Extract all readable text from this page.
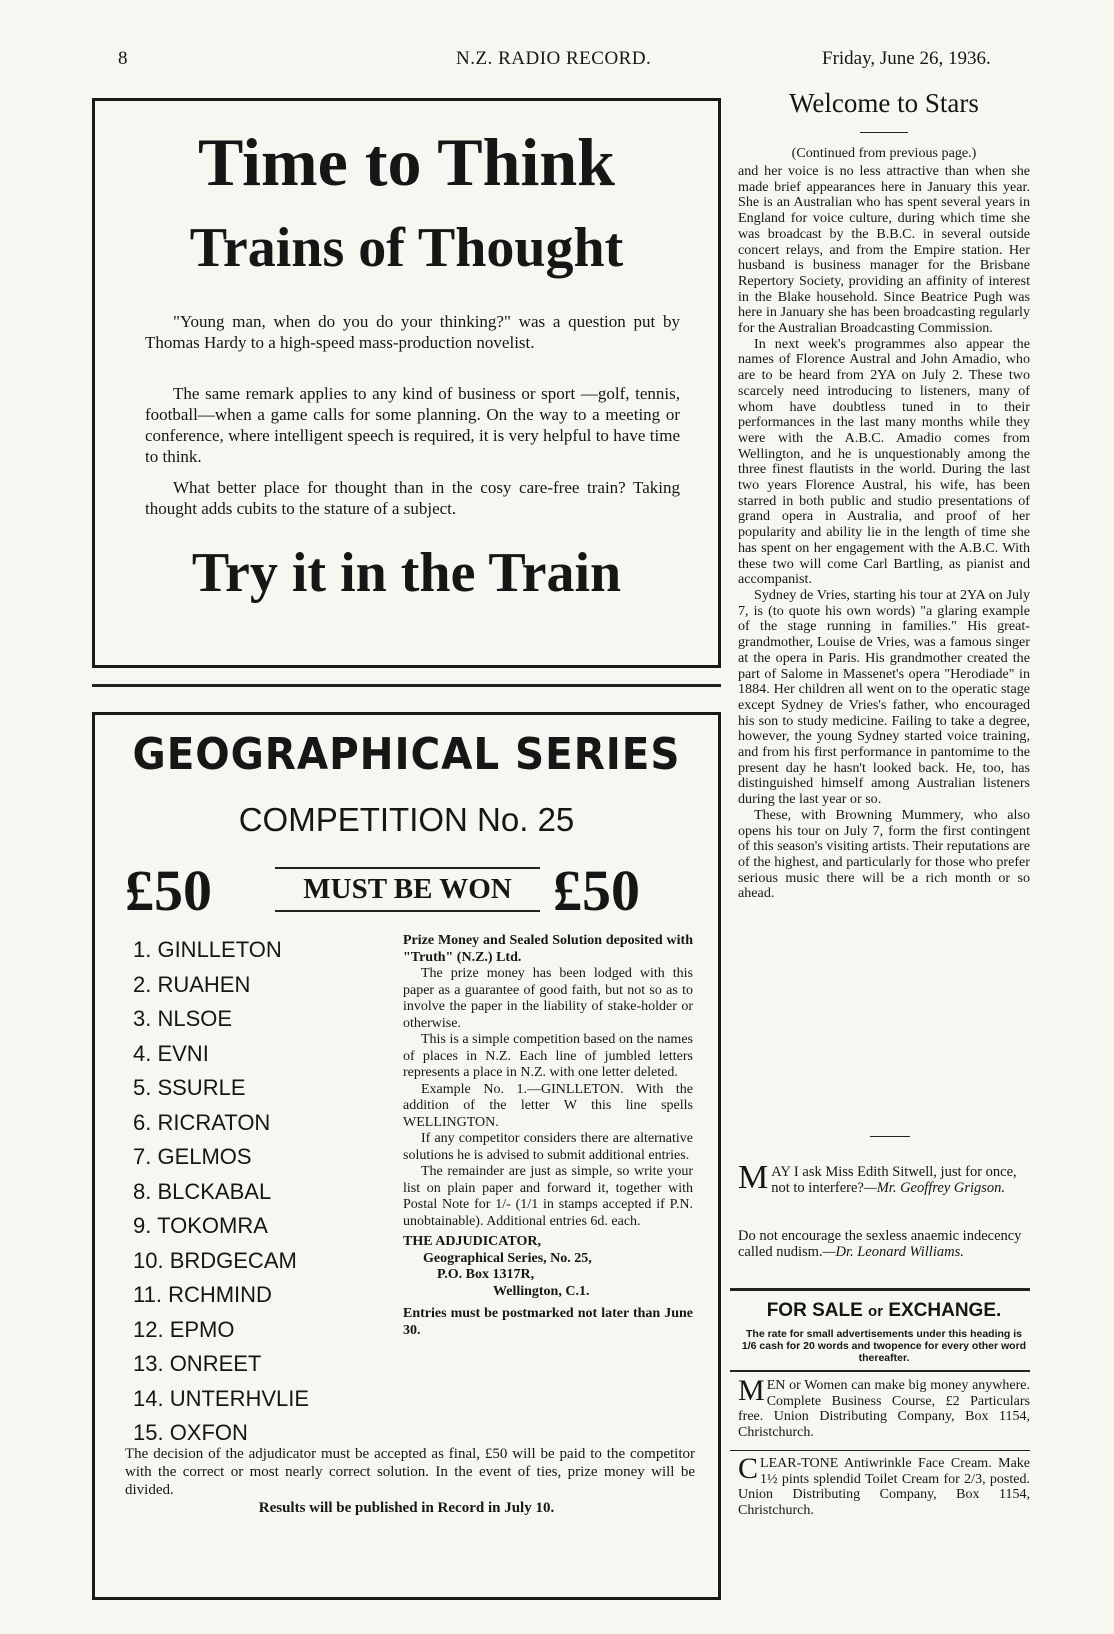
8	N.Z. RADIO RECORD.	Friday, June 26, 1936.
Time to Think
Trains of Thought
"Young man, when do you do your thinking?" was a question put by Thomas Hardy to a high-speed mass-production novelist.
The same remark applies to any kind of business or sport —golf, tennis, football—when a game calls for some planning. On the way to a meeting or conference, where intelligent speech is required, it is very helpful to have time to think.
What better place for thought than in the cosy care-free train? Taking thought adds cubits to the stature of a subject.
Try it in the Train
GEOGRAPHICAL SERIES
COMPETITION No. 25
£50	MUST BE WON £50
1. GINLLETON
2. RUAHEN
3. NLSOE
4. EVNI
5. SSURLE
6. RICRATON
7. GELMOS
8. BLCKABAL
9. TOKOMRA
10. BRDGECAM
11. RCHMIND
12. EPMO
13. ONREET
14. UNTERHVLIE
15. OXFON

Prize Money and Sealed Solution deposited with "Truth" (N.Z.) Ltd.

The prize money has been lodged with this paper as a guarantee of good faith, but not so as to involve the paper in the liability of stake-holder or otherwise.

This is a simple competition based on the names of places in N.Z. Each line of jumbled letters represents a place in N.Z. with one letter deleted.

Example No. 1.—GINLLETON. With the addition of the letter W this line spells WELLINGTON.

If any competitor considers there are alternative solutions he is advised to submit additional entries.

The remainder are just as simple, so write your list on plain paper and forward it, together with Postal Note for 1/- (1/1 in stamps accepted if P.N. unobtainable). Additional entries 6d. each.

THE ADJUDICATOR,
Geographical Series, No. 25,
P.O. Box 1317R,
Wellington, C.1.

Entries must be postmarked not later than June 30.

The decision of the adjudicator must be accepted as final, £50 will be paid to the competitor with the correct or most nearly correct solution. In the event of ties, prize money will be divided.
Results will be published in Record in July 10.
Welcome to Stars
(Continued from previous page.)

and her voice is no less attractive than when she made brief appearances here in January this year. She is an Australian who has spent several years in England for voice culture, during which time she was broadcast by the B.B.C. in several outside concert relays, and from the Empire station. Her husband is business manager for the Brisbane Repertory Society, providing an affinity of interest in the Blake household. Since Beatrice Pugh was here in January she has been broadcasting regularly for the Australian Broadcasting Commission.

In next week's programmes also appear the names of Florence Austral and John Amadio, who are to be heard from 2YA on July 2. These two scarcely need introducing to listeners, many of whom have doubtless tuned in to their performances in the last many months while they were with the A.B.C. Amadio comes from Wellington, and he is unquestionably among the three finest flautists in the world. During the last two years Florence Austral, his wife, has been starred in both public and studio presentations of grand opera in Australia, and proof of her popularity and ability lie in the length of time she has spent on her engagement with the A.B.C. With these two will come Carl Bartling, as pianist and accompanist.

Sydney de Vries, starting his tour at 2YA on July 7, is (to quote his own words) "a glaring example of the stage running in families." His great-grandmother, Louise de Vries, was a famous singer at the opera in Paris. His grandmother created the part of Salome in Massenet's opera "Herodiade" in 1884. Her children all went on to the operatic stage except Sydney de Vries's father, who encouraged his son to study medicine. Failing to take a degree, however, the young Sydney started voice training, and from his first performance in pantomime to the present day he hasn't looked back. He, too, has distinguished himself among Australian listeners during the last year or so.

These, with Browning Mummery, who also opens his tour on July 7, form the first contingent of this season's visiting artists. Their reputations are of the highest, and particularly for those who prefer serious music there will be a rich month or so ahead.

MAY I ask Miss Edith Sitwell, just for once, not to interfere?—Mr. Geoffrey Grigson.
Do not encourage the sexless anaemic indecency called nudism.—Dr. Leonard Williams.
FOR SALE or EXCHANGE.
The rate for small advertisements under this heading is 1/6 cash for 20 words and twopence for every other word thereafter.
MEN or Women can make big money anywhere. Complete Business Course, £2 Particulars free. Union Distributing Company, Box 1154, Christchurch.
CLEAR-TONE Antiwrinkle Face Cream. Make 1½ pints splendid Toilet Cream for 2/3, posted. Union Distributing Company, Box 1154, Christchurch.
